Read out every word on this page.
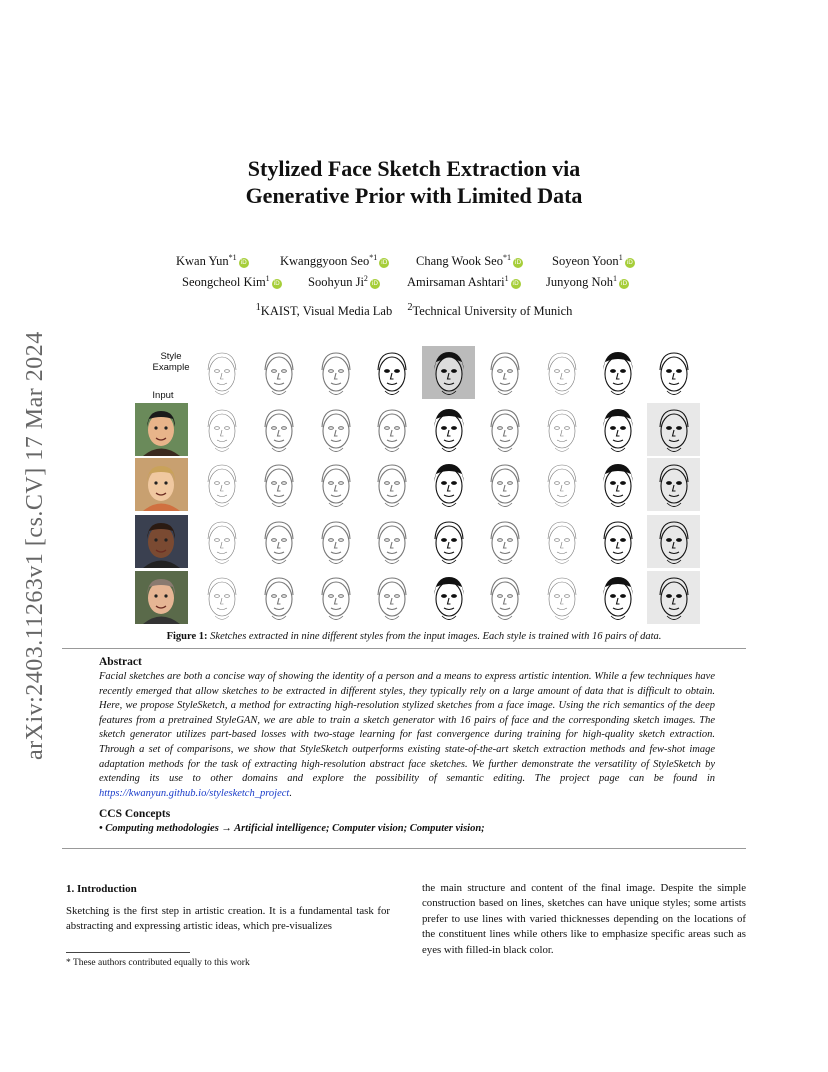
arXiv:2403.11263v1 [cs.CV] 17 Mar 2024
Stylized Face Sketch Extraction via
Generative Prior with Limited Data
Kwan Yun$^{*1}$iD	Kwanggyoon Seo$^{*1}$iD Chang Wook Seo$^{*1}$iD Soyeon Yoon$^1$iD
Seongcheol Kim$^1$iD Soohyun Ji$^2$iD Amirsaman Ashtari$^1$iD Junyong Noh$^1$iD
$^1$KAIST, Visual Media Lab $^2$Technical University of Munich
Style
Example
Input
Figure 1: Sketches extracted in nine different styles from the input images. Each style is trained with 16 pairs of data.
Abstract
Facial sketches are both a concise way of showing the identity of a person and a means to express artistic intention. While a few techniques have recently emerged that allow sketches to be extracted in different styles, they typically rely on a large amount of data that is difficult to obtain. Here, we propose StyleSketch, a method for extracting high-resolution stylized sketches from a face image. Using the rich semantics of the deep features from a pretrained StyleGAN, we are able to train a sketch generator with 16 pairs of face and the corresponding sketch images. The sketch generator utilizes part-based losses with two-stage learning for fast convergence during training for high-quality sketch extraction. Through a set of comparisons, we show that StyleSketch outperforms existing state-of-the-art sketch extraction methods and few-shot image adaptation methods for the task of extracting high-resolution abstract face sketches. We further demonstrate the versatility of StyleSketch by extending its use to other domains and explore the possibility of semantic editing. The project page can be found in https://kwanyun.github.io/stylesketch_project.
CCS Concepts
• Computing methodologies → Artificial intelligence; Computer vision; Computer vision;
1. Introduction
Sketching is the first step in artistic creation. It is a fundamental task for abstracting and expressing artistic ideas, which pre-visualizes
the main structure and content of the final image. Despite the simple construction based on lines, sketches can have unique styles; some artists prefer to use lines with varied thicknesses depending on the locations of the constituent lines while others like to emphasize specific areas such as eyes with filled-in black color.
* These authors contributed equally to this work
